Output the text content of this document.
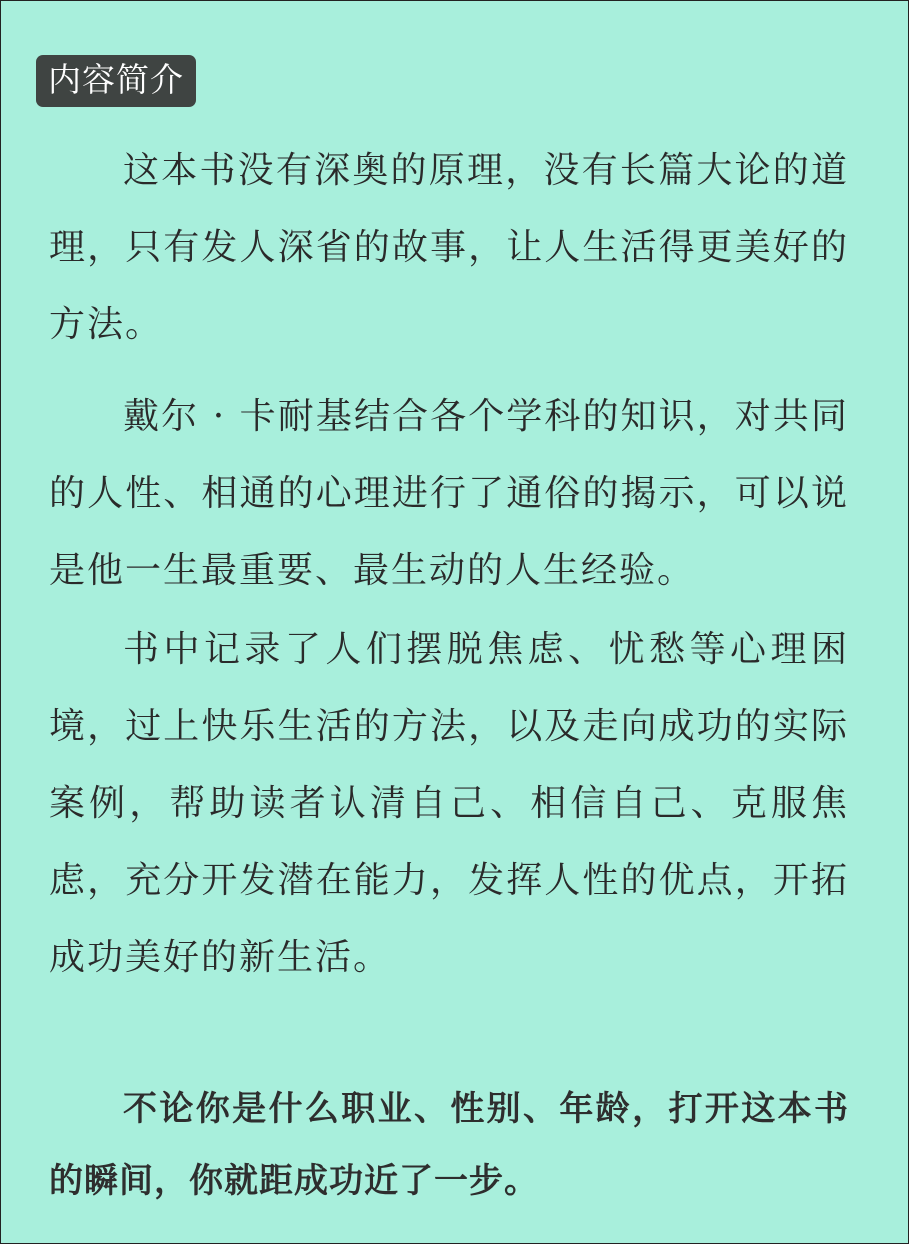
内容简介

这本书没有深奥的原理，没有长篇大论的道理，只有发人深省的故事，让人生活得更美好的方法。

戴尔 · 卡耐基结合各个学科的知识，对共同的人性、相通的心理进行了通俗的揭示，可以说是他一生最重要、最生动的人生经验。

书中记录了人们摆脱焦虑、忧愁等心理困境，过上快乐生活的方法，以及走向成功的实际案例，帮助读者认清自己、相信自己、克服焦虑，充分开发潜在能力，发挥人性的优点，开拓成功美好的新生活。

不论你是什么职业、性别、年龄，打开这本书的瞬间，你就距成功近了一步。
